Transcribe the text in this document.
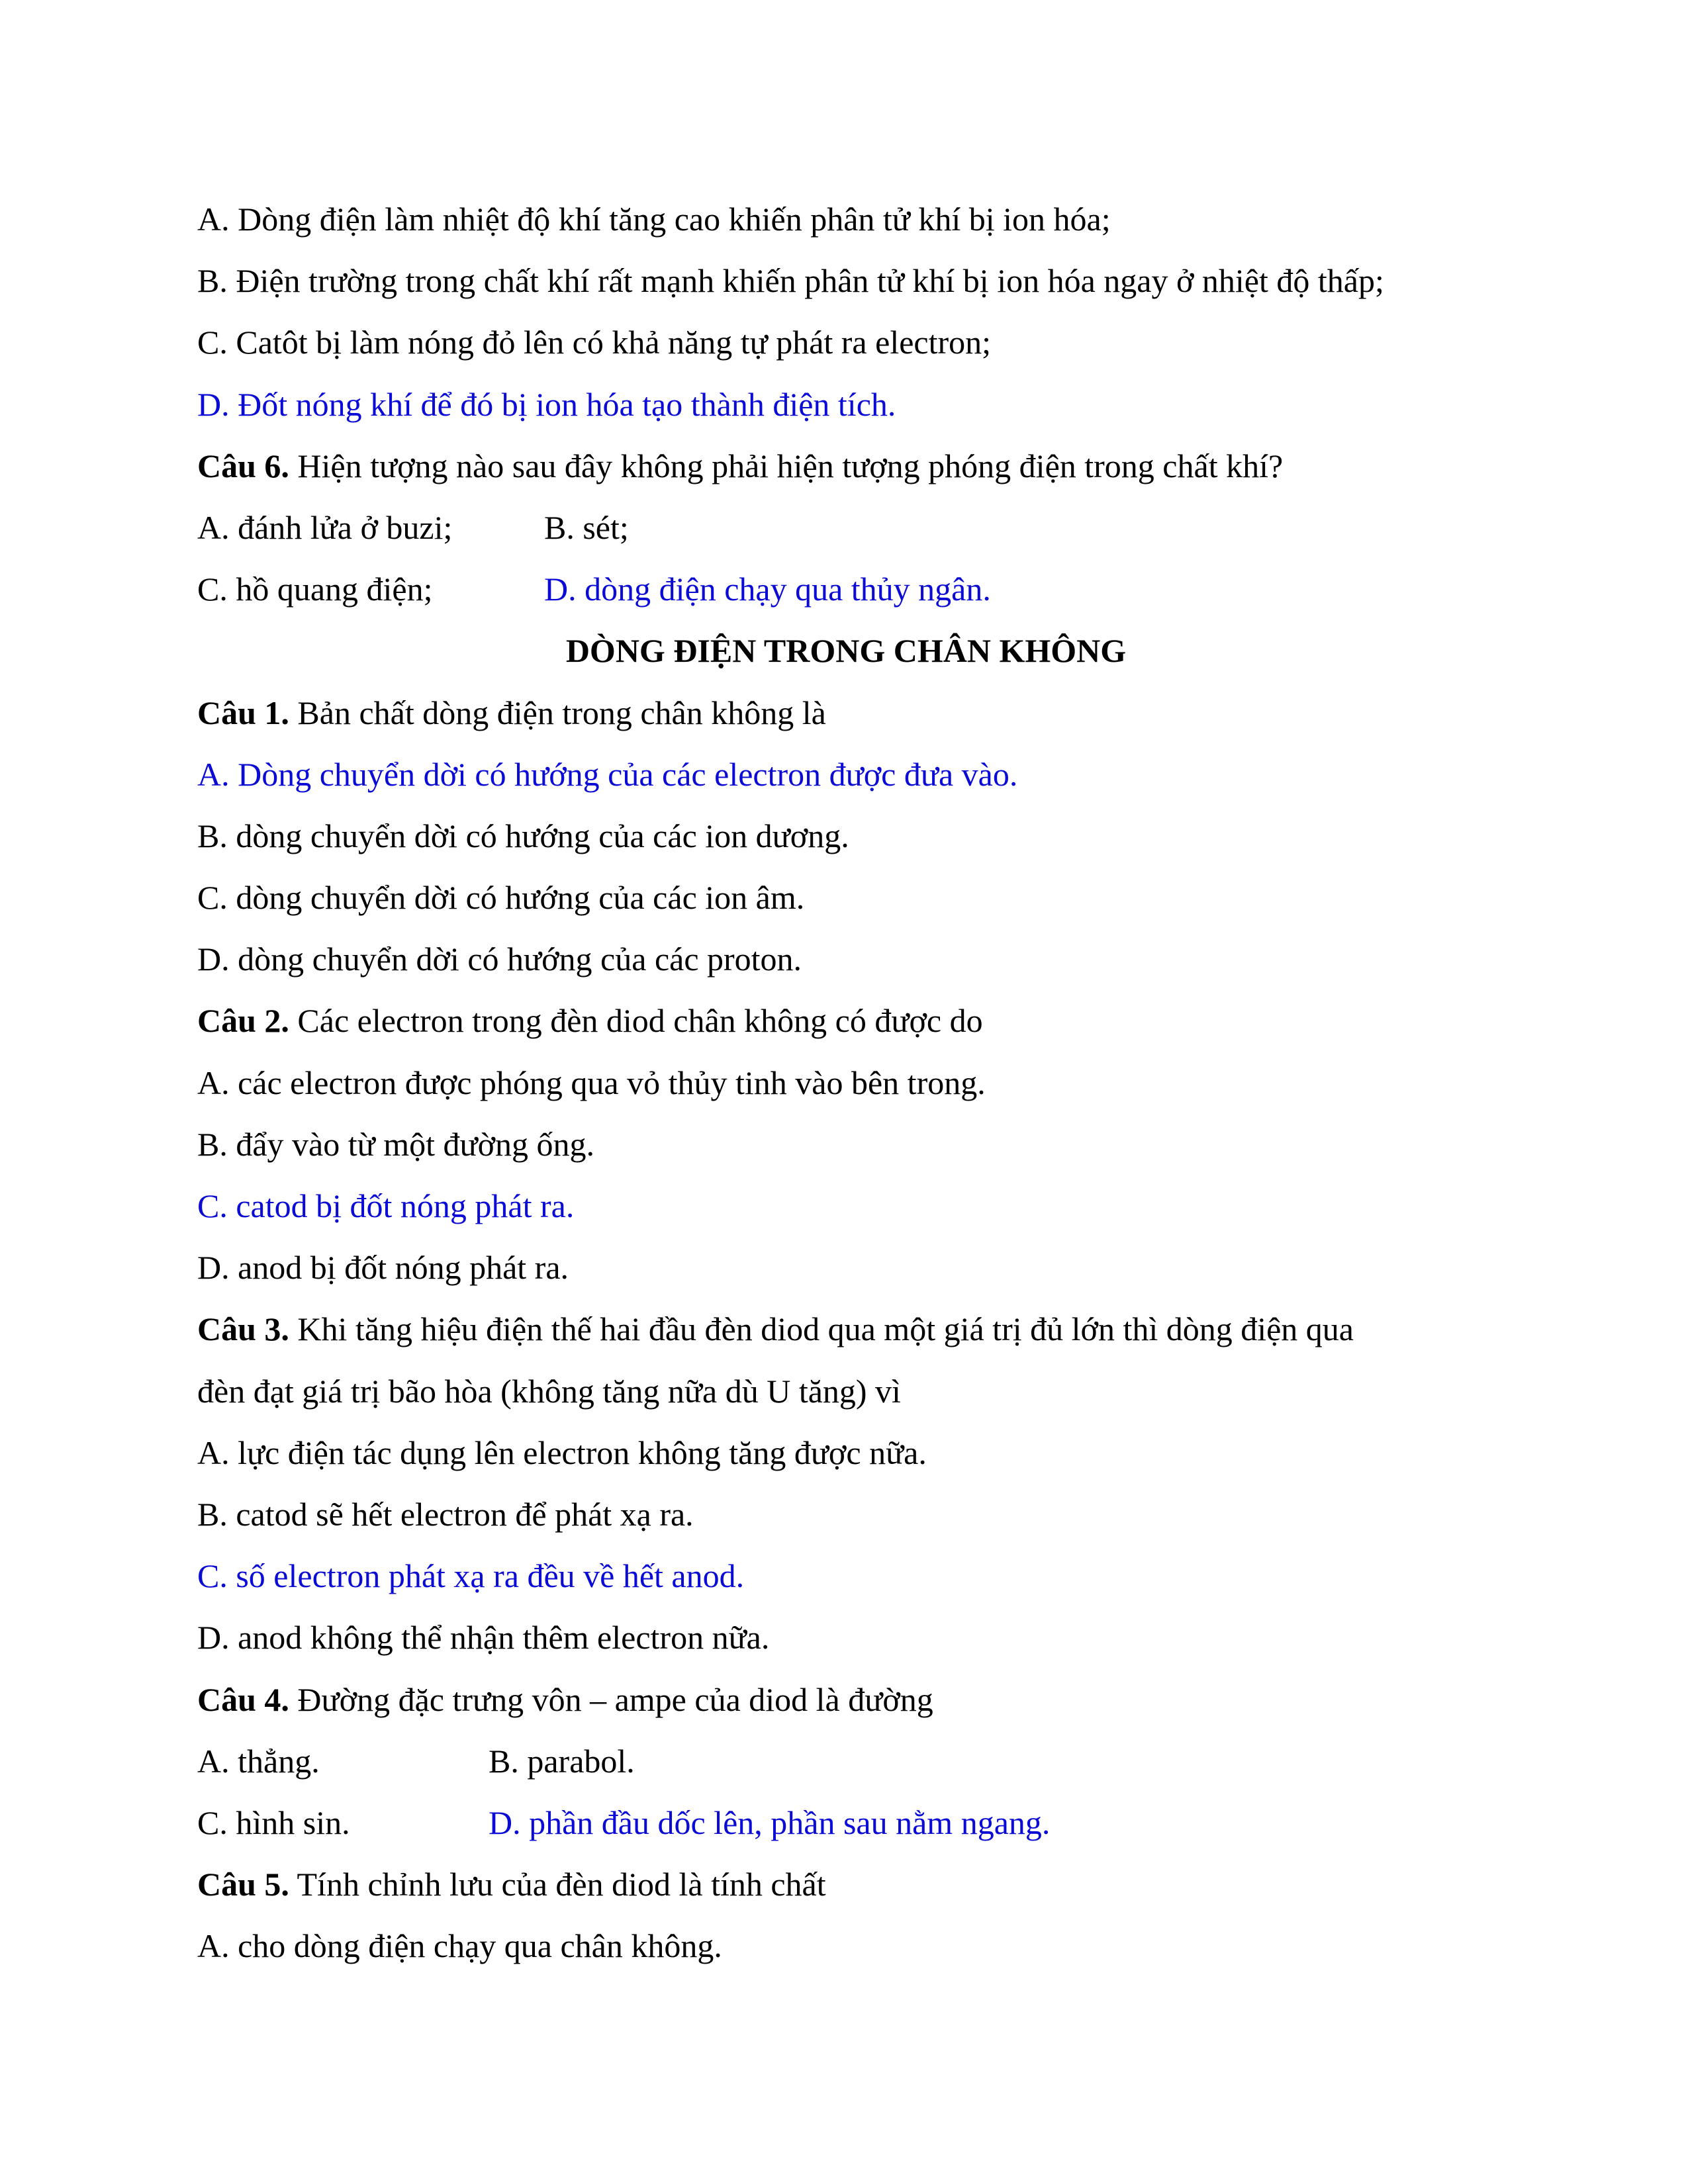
A. Dòng điện làm nhiệt độ khí tăng cao khiến phân tử khí bị ion hóa;
B. Điện trường trong chất khí rất mạnh khiến phân tử khí bị ion hóa ngay ở nhiệt độ thấp;
C. Catôt bị làm nóng đỏ lên có khả năng tự phát ra electron;
D. Đốt nóng khí để đó bị ion hóa tạo thành điện tích.
Câu 6. Hiện tượng nào sau đây không phải hiện tượng phóng điện trong chất khí?
A. đánh lửa ở buzi;	B. sét;
C. hồ quang điện;	D. dòng điện chạy qua thủy ngân.
DÒNG ĐIỆN TRONG CHÂN KHÔNG
Câu 1. Bản chất dòng điện trong chân không là
A. Dòng chuyển dời có hướng của các electron được đưa vào.
B. dòng chuyển dời có hướng của các ion dương.
C. dòng chuyển dời có hướng của các ion âm.
D. dòng chuyển dời có hướng của các proton.
Câu 2. Các electron trong đèn diod chân không có được do
A. các electron được phóng qua vỏ thủy tinh vào bên trong.
B. đẩy vào từ một đường ống.
C. catod bị đốt nóng phát ra.
D. anod bị đốt nóng phát ra.
Câu 3. Khi tăng hiệu điện thế hai đầu đèn diod qua một giá trị đủ lớn thì dòng điện qua
đèn đạt giá trị bão hòa (không tăng nữa dù U tăng) vì
A. lực điện tác dụng lên electron không tăng được nữa.
B. catod sẽ hết electron để phát xạ ra.
C. số electron phát xạ ra đều về hết anod.
D. anod không thể nhận thêm electron nữa.
Câu 4. Đường đặc trưng vôn – ampe của diod là đường
A. thẳng.	B. parabol.
C. hình sin.	D. phần đầu dốc lên, phần sau nằm ngang.
Câu 5. Tính chỉnh lưu của đèn diod là tính chất
A. cho dòng điện chạy qua chân không.
